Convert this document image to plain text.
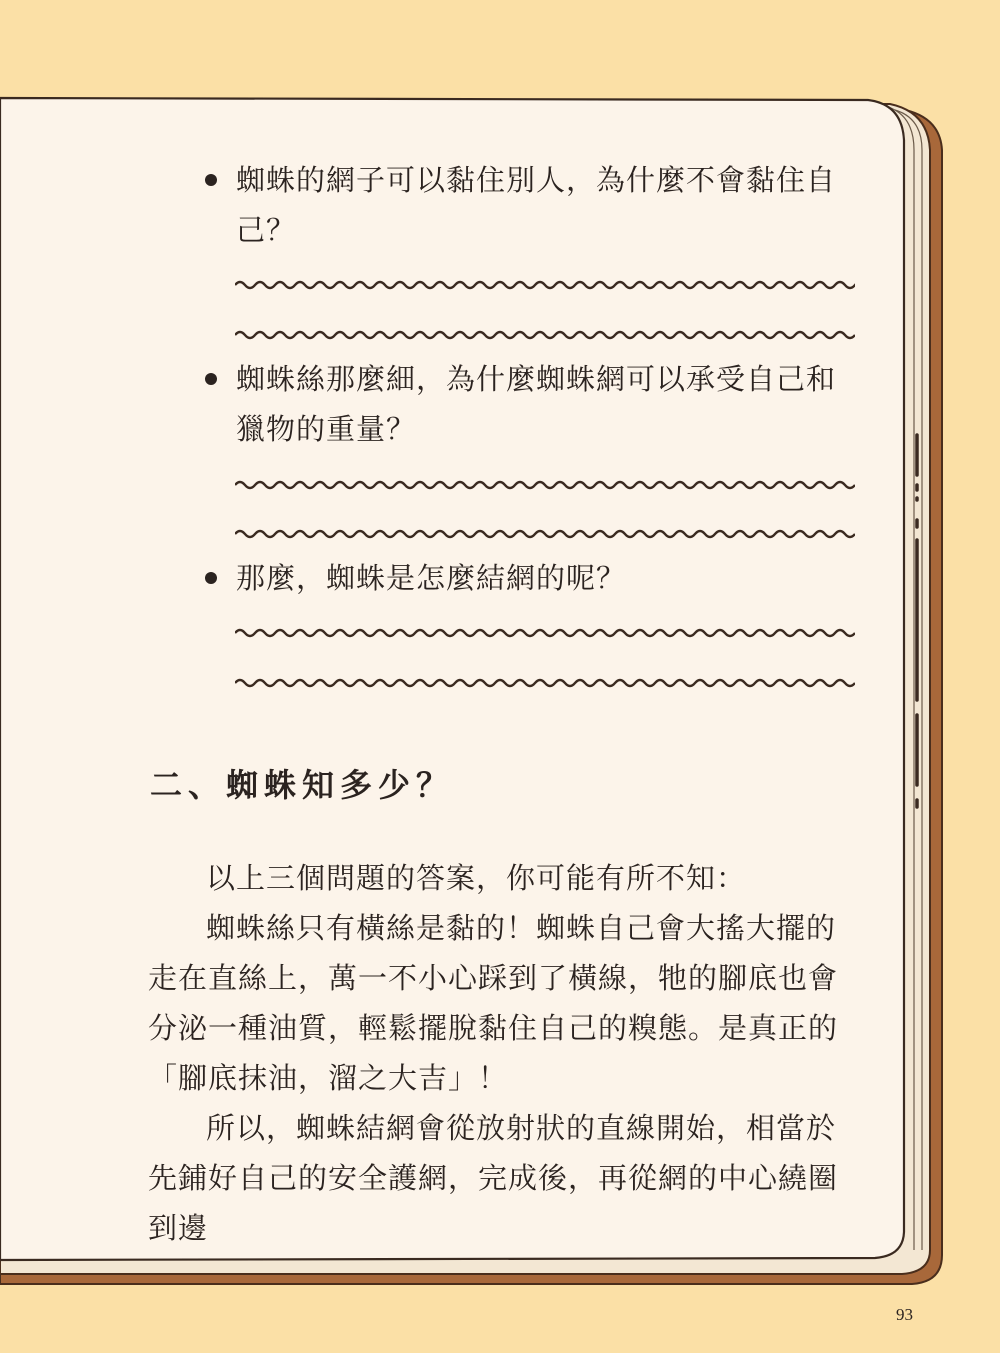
蜘蛛的網子可以黏住別人，為什麼不會黏住自己？
蜘蛛絲那麼細，為什麼蜘蛛網可以承受自己和獵物的重量？
那麼，蜘蛛是怎麼結網的呢？
二、蜘蛛知多少？

以上三個問題的答案，你可能有所不知：

蜘蛛絲只有橫絲是黏的！蜘蛛自己會大搖大擺的走在直絲上，萬一不小心踩到了橫線，牠的腳底也會分泌一種油質，輕鬆擺脫黏住自己的糗態。是真正的「腳底抹油，溜之大吉」！

所以，蜘蛛結網會從放射狀的直線開始，相當於先鋪好自己的安全護網，完成後，再從網的中心繞圈到邊

93
